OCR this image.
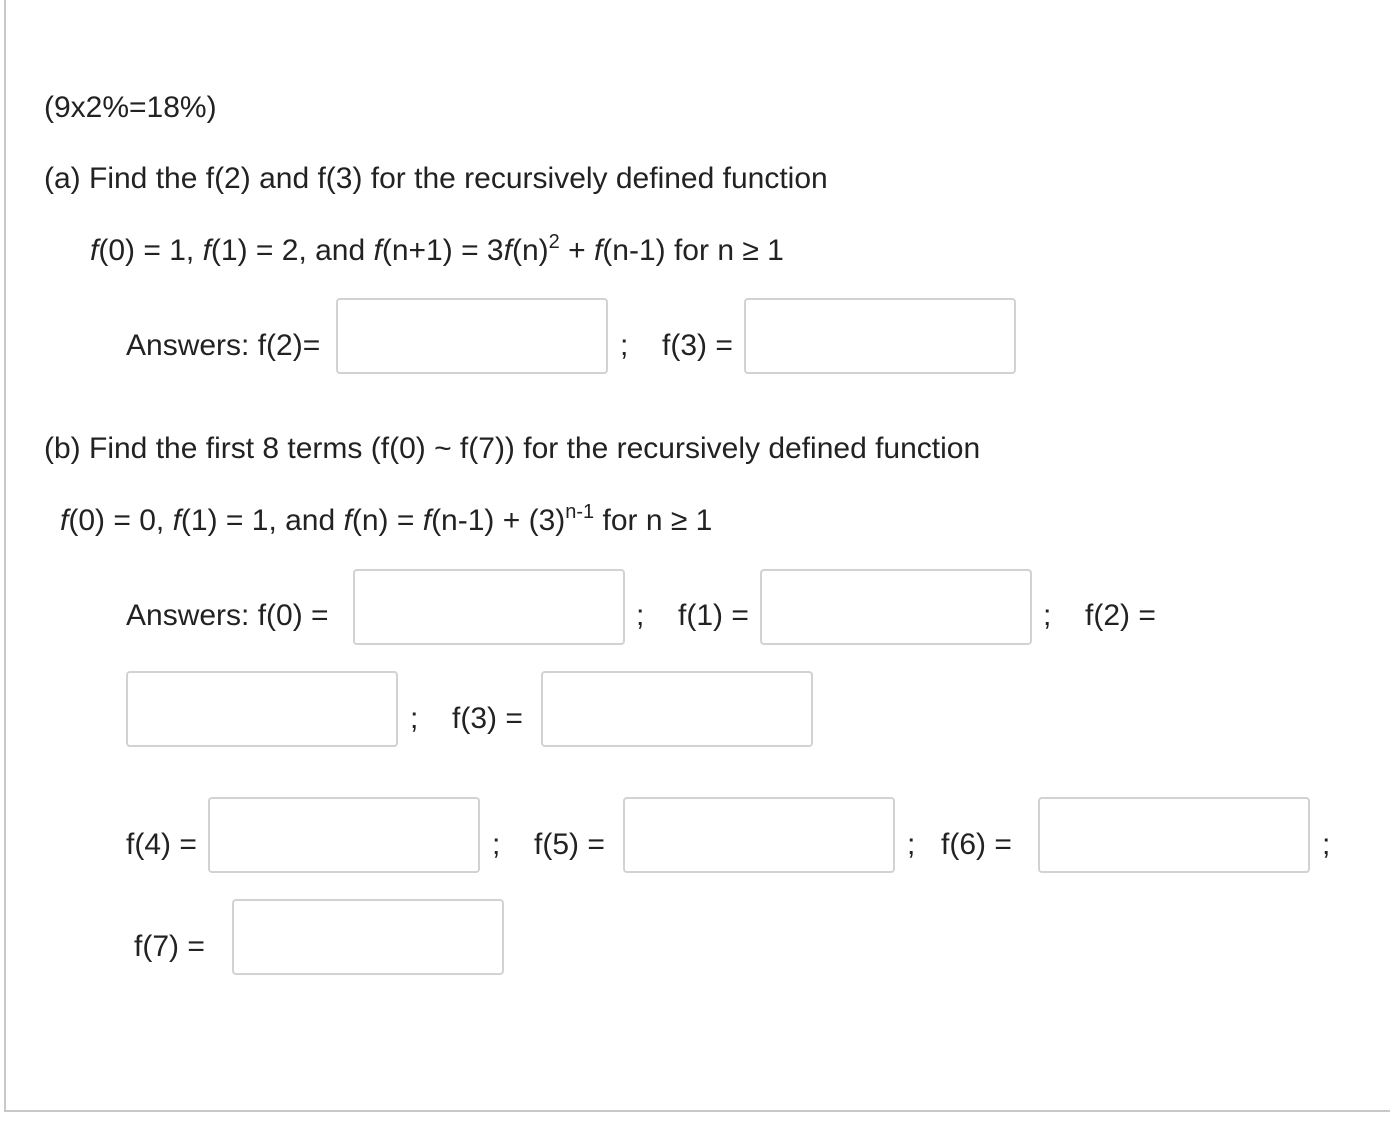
(9x2%=18%)
(a) Find the f(2) and f(3) for the recursively defined function
f(0) = 1, f(1) = 2, and $f(n+1) = 3f(n)^2 + f(n-1)$ for n ≥ 1
Answers: f(2)=	; f(3) =
(b) Find the first 8 terms (f(0) ~ f(7)) for the recursively defined function
f(0) = 0, f(1) = 1, and $f(n) = f(n-1) + (3)^{n-1}$ for n ≥ 1
Answers: f(0) =	; f(1) =	; f(2) =
; f(3) =
f(4) =	; f(5) =	; f(6) =	;
f(7) =
